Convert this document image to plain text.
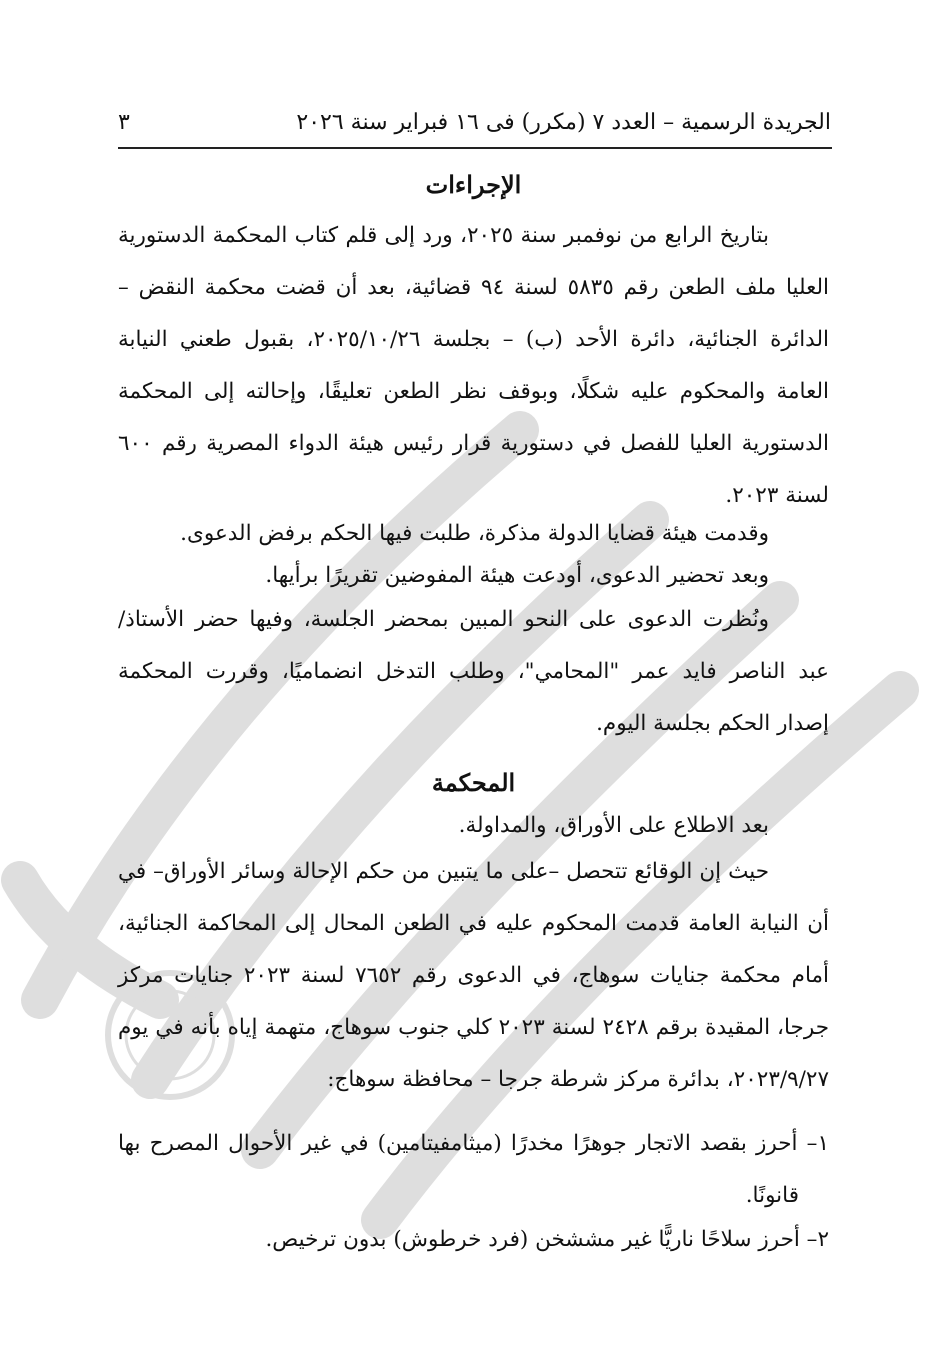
الجريدة الرسمية – العدد ٧ (مكرر) فى ١٦ فبراير سنة ٢٠٢٦
٣
الإجراءات
بتاريخ الرابع من نوفمبر سنة ٢٠٢٥، ورد إلى قلم كتاب المحكمة الدستورية العليا ملف الطعن رقم ٥٨٣٥ لسنة ٩٤ قضائية، بعد أن قضت محكمة النقض – الدائرة الجنائية، دائرة الأحد (ب) – بجلسة ٢٠٢٥/١٠/٢٦، بقبول طعني النيابة العامة والمحكوم عليه شكلًا، وبوقف نظر الطعن تعليقًا، وإحالته إلى المحكمة الدستورية العليا للفصل في دستورية قرار رئيس هيئة الدواء المصرية رقم ٦٠٠ لسنة ٢٠٢٣.
وقدمت هيئة قضايا الدولة مذكرة، طلبت فيها الحكم برفض الدعوى.
وبعد تحضير الدعوى، أودعت هيئة المفوضين تقريرًا برأيها.
ونُظرت الدعوى على النحو المبين بمحضر الجلسة، وفيها حضر الأستاذ/ عبد الناصر فايد عمر "المحامي"، وطلب التدخل انضماميًا، وقررت المحكمة إصدار الحكم بجلسة اليوم.
المحكمة
بعد الاطلاع على الأوراق، والمداولة.
حيث إن الوقائع تتحصل –على ما يتبين من حكم الإحالة وسائر الأوراق– في أن النيابة العامة قدمت المحكوم عليه في الطعن المحال إلى المحاكمة الجنائية، أمام محكمة جنايات سوهاج، في الدعوى رقم ٧٦٥٢ لسنة ٢٠٢٣ جنايات مركز جرجا، المقيدة برقم ٢٤٢٨ لسنة ٢٠٢٣ كلي جنوب سوهاج، متهمة إياه بأنه في يوم ٢٠٢٣/٩/٢٧، بدائرة مركز شرطة جرجا – محافظة سوهاج:
١– أحرز بقصد الاتجار جوهرًا مخدرًا (ميثامفيتامين) في غير الأحوال المصرح بها قانونًا.
٢– أحرز سلاحًا ناريًّا غير مششخن (فرد خرطوش) بدون ترخيص.
